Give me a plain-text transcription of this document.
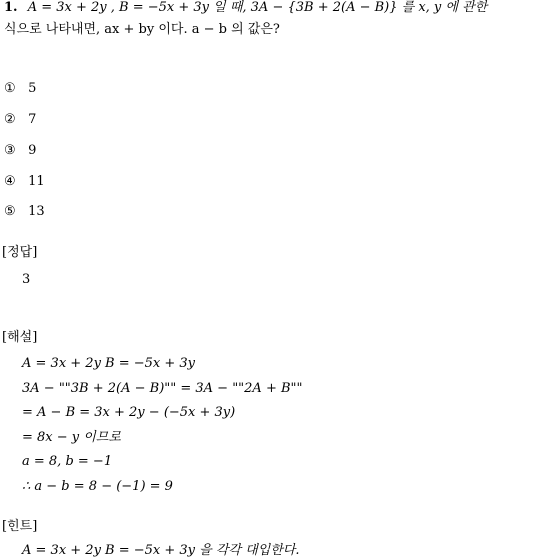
1. A = 3x + 2y , B = −5x + 3y 일 때, 3A − {3B + 2(A − B)} 를 x, y 에 관한
식으로 나타내면, ax + by 이다. a − b 의 값은?
① 5
② 7
③ 9
④ 11
⑤ 13
[정답]
3
[해설]
A = 3x + 2y B = −5x + 3y
3A − ""3B + 2(A − B)"" = 3A − ""2A + B""
= A − B = 3x + 2y − (−5x + 3y)
= 8x − y 이므로
a = 8, b = −1
∴ a − b = 8 − (−1) = 9
[힌트]
A = 3x + 2y B = −5x + 3y 을 각각 대입한다.
